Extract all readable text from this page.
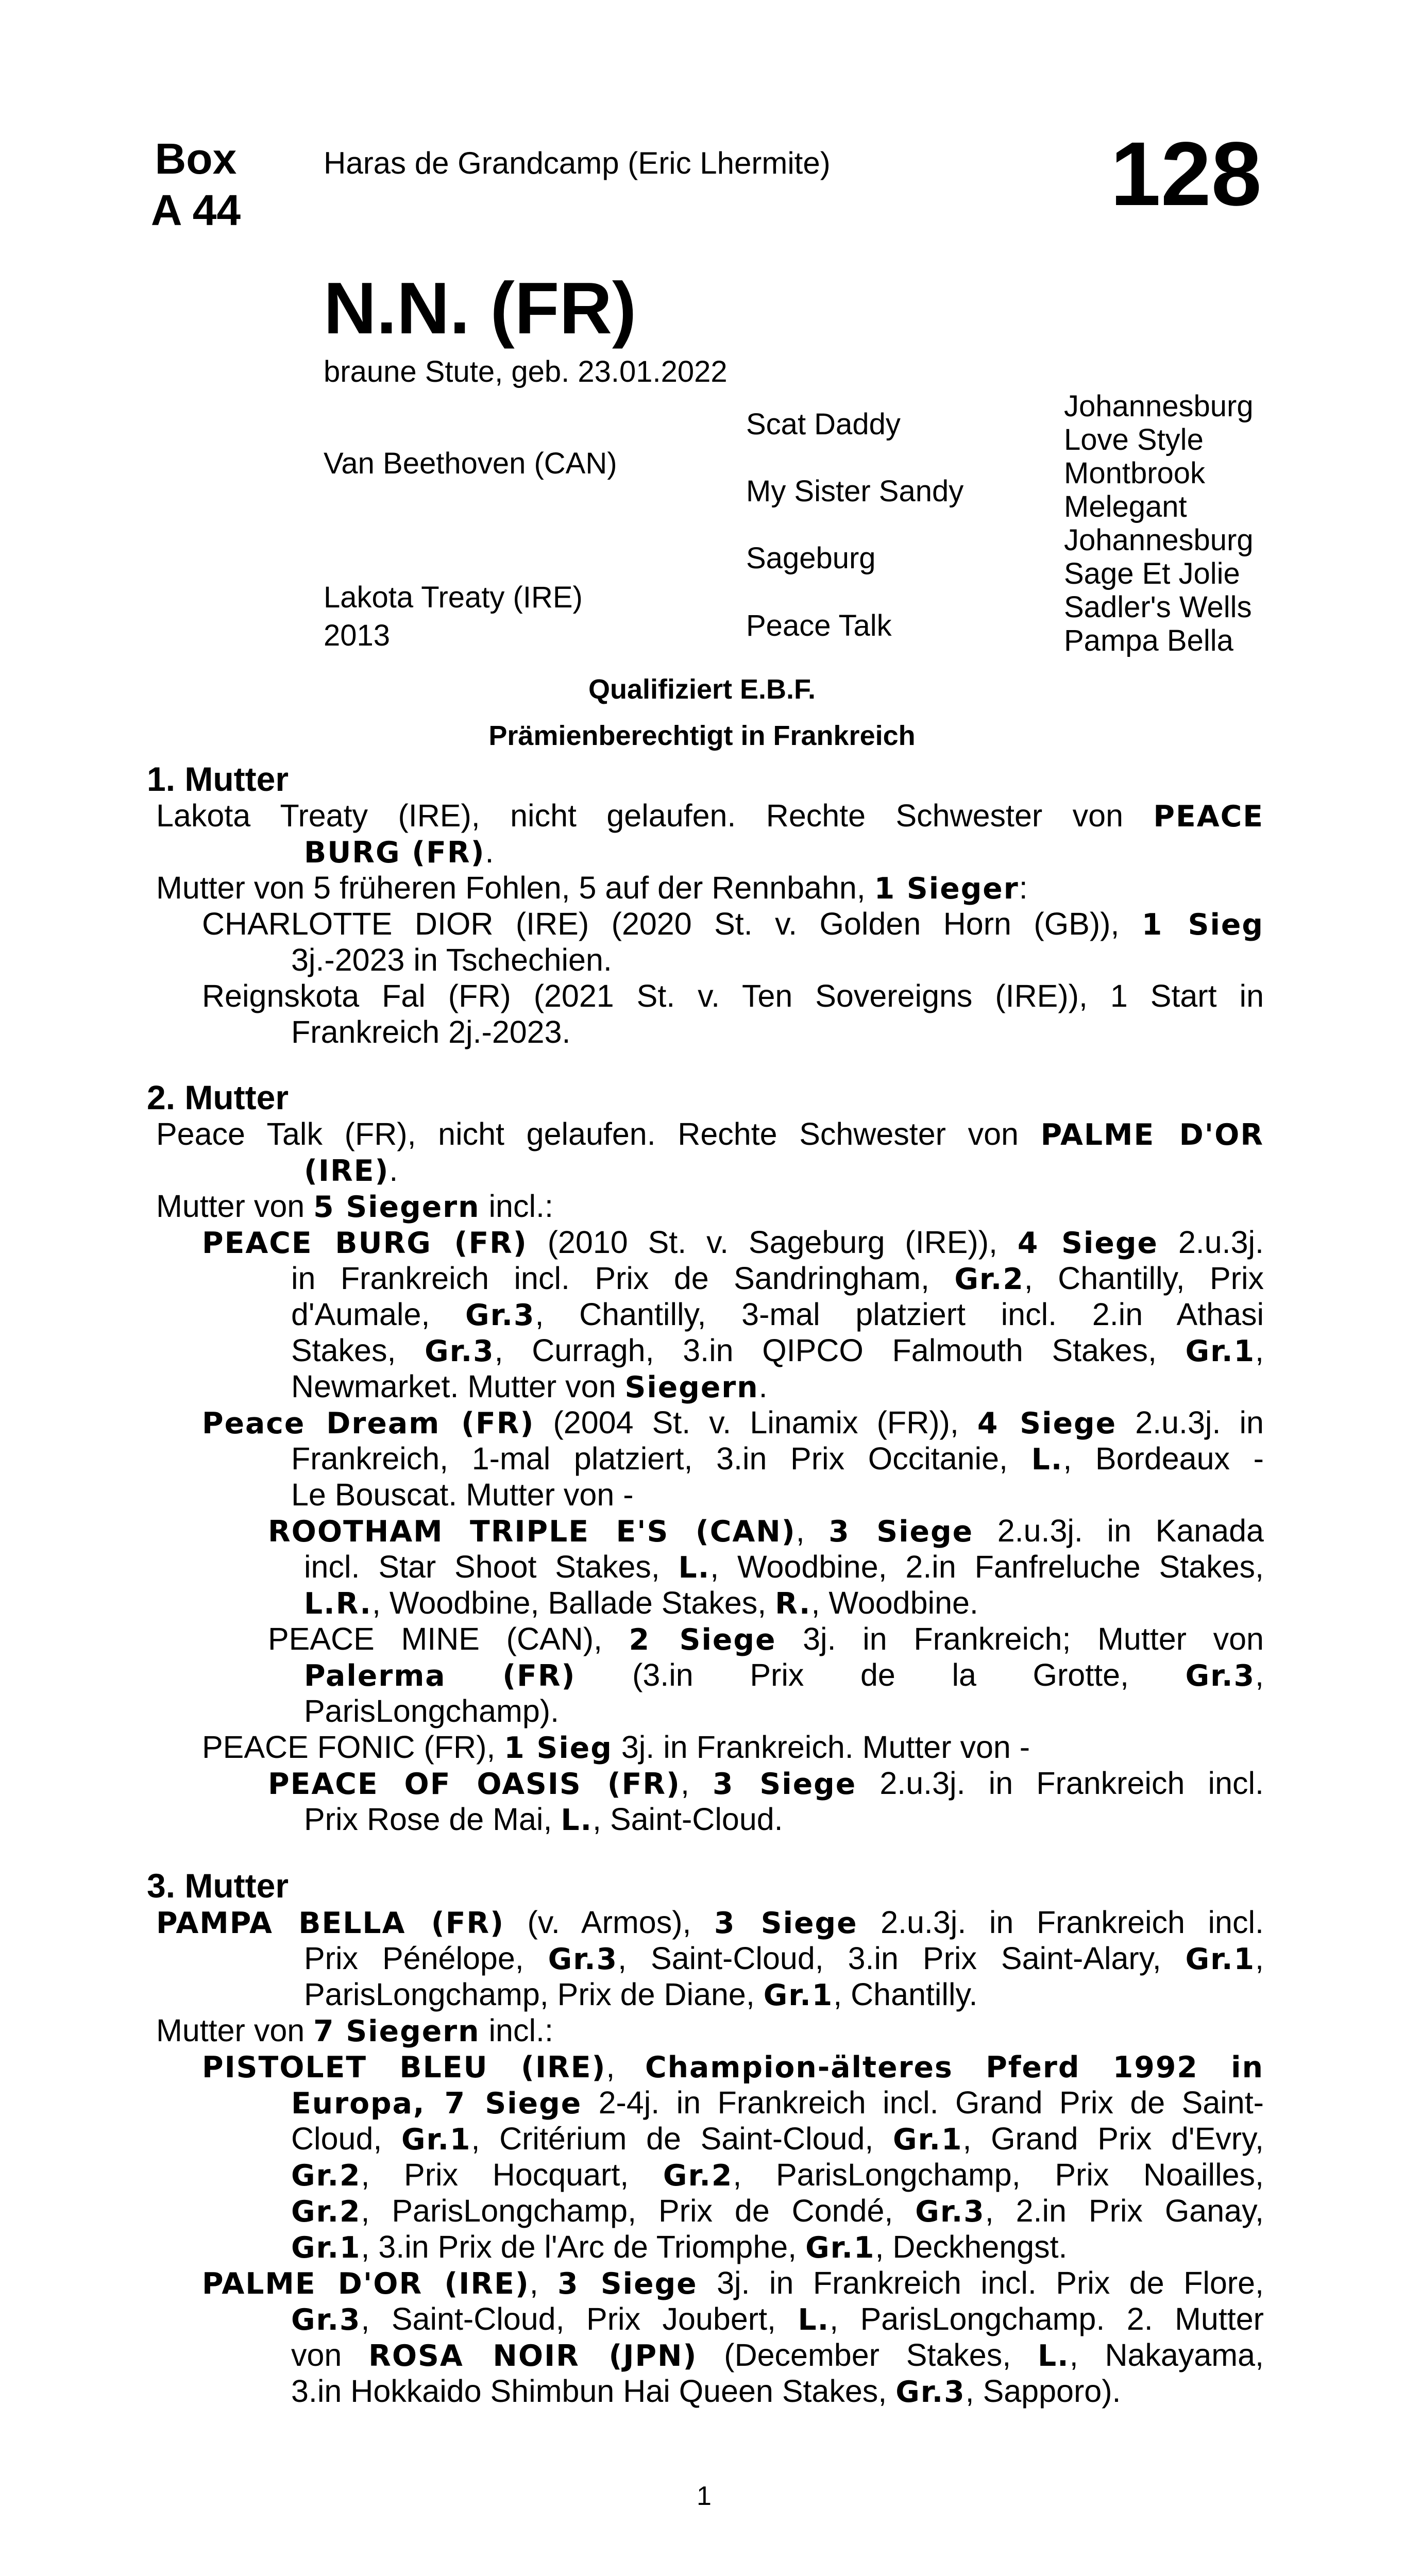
Box
A 44
Haras de Grandcamp (Eric Lhermite)	128
N.N. (FR)
braune Stute, geb. 23.01.2022
Van Beethoven (CAN)
Lakota Treaty (IRE)
2013
Scat Daddy
My Sister Sandy
Sageburg
Peace Talk
Johannesburg
Love Style
Montbrook
Melegant
Johannesburg
Sage Et Jolie
Sadler's Wells
Pampa Bella
Qualifiziert E.B.F.
Prämienberechtigt in Frankreich
1. Mutter
Lakota Treaty (IRE), nicht gelaufen. Rechte Schwester von PEACE
BURG (FR).
Mutter von 5 früheren Fohlen, 5 auf der Rennbahn, 1 Sieger:
CHARLOTTE DIOR (IRE) (2020 St. v. Golden Horn (GB)), 1 Sieg
3j.-2023 in Tschechien.
Reignskota Fal (FR) (2021 St. v. Ten Sovereigns (IRE)), 1 Start in
Frankreich 2j.-2023.
2. Mutter
Peace Talk (FR), nicht gelaufen. Rechte Schwester von PALME D'OR
(IRE).
Mutter von 5 Siegern incl.:
PEACE BURG (FR) (2010 St. v. Sageburg (IRE)), 4 Siege 2.u.3j.
in Frankreich incl. Prix de Sandringham, Gr.2, Chantilly, Prix
d'Aumale, Gr.3, Chantilly, 3-mal platziert incl. 2.in Athasi
Stakes, Gr.3, Curragh, 3.in QIPCO Falmouth Stakes, Gr.1,
Newmarket. Mutter von Siegern.
Peace Dream (FR) (2004 St. v. Linamix (FR)), 4 Siege 2.u.3j. in
Frankreich, 1-mal platziert, 3.in Prix Occitanie, L., Bordeaux -
Le Bouscat. Mutter von -
ROOTHAM TRIPLE E'S (CAN), 3 Siege 2.u.3j. in Kanada
incl. Star Shoot Stakes, L., Woodbine, 2.in Fanfreluche Stakes,
L.R., Woodbine, Ballade Stakes, R., Woodbine.
PEACE MINE (CAN), 2 Siege 3j. in Frankreich; Mutter von
Palerma (FR) (3.in Prix de la Grotte, Gr.3,
ParisLongchamp).
PEACE FONIC (FR), 1 Sieg 3j. in Frankreich. Mutter von -
PEACE OF OASIS (FR), 3 Siege 2.u.3j. in Frankreich incl.
Prix Rose de Mai, L., Saint-Cloud.
3. Mutter
PAMPA BELLA (FR) (v. Armos), 3 Siege 2.u.3j. in Frankreich incl.
Prix Pénélope, Gr.3, Saint-Cloud, 3.in Prix Saint-Alary, Gr.1,
ParisLongchamp, Prix de Diane, Gr.1, Chantilly.
Mutter von 7 Siegern incl.:
PISTOLET BLEU (IRE), Champion-älteres Pferd 1992 in
Europa, 7 Siege 2-4j. in Frankreich incl. Grand Prix de Saint-
Cloud, Gr.1, Critérium de Saint-Cloud, Gr.1, Grand Prix d'Evry,
Gr.2, Prix Hocquart, Gr.2, ParisLongchamp, Prix Noailles,
Gr.2, ParisLongchamp, Prix de Condé, Gr.3, 2.in Prix Ganay,
Gr.1, 3.in Prix de l'Arc de Triomphe, Gr.1, Deckhengst.
PALME D'OR (IRE), 3 Siege 3j. in Frankreich incl. Prix de Flore,
Gr.3, Saint-Cloud, Prix Joubert, L., ParisLongchamp. 2. Mutter
von ROSA NOIR (JPN) (December Stakes, L., Nakayama,
3.in Hokkaido Shimbun Hai Queen Stakes, Gr.3, Sapporo).
1
